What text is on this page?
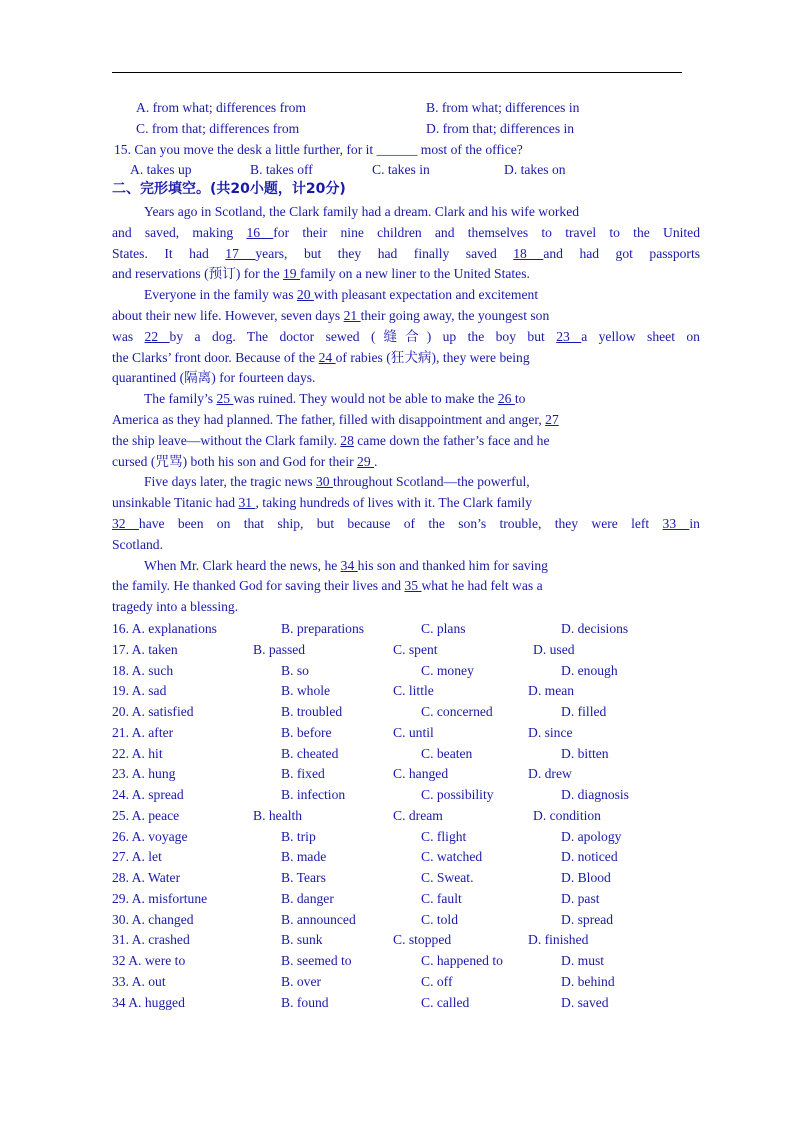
A. from what; differences from	B. from what; differences in
C. from that; differences from	D. from that; differences in
15. Can you move the desk a little further, for it ______ most of the office?
A. takes up	B. takes off	C. takes in	D. takes on
二、完形填空。(共20小题，计20分)
Years ago in Scotland, the Clark family had a dream. Clark and his wife worked
and saved, making 16 for their nine children and themselves to travel to the United
States. It had 17 years, but they had finally saved 18 and had got passports
and reservations (预订) for the 19 family on a new liner to the United States.
Everyone in the family was 20 with pleasant expectation and excitement
about their new life. However, seven days 21 their going away, the youngest son
was 22 by a dog. The doctor sewed (缝合) up the boy but 23 a yellow sheet on
the Clarks’ front door. Because of the 24 of rabies (狂犬病), they were being
quarantined (隔离) for fourteen days.
The family’s 25 was ruined. They would not be able to make the 26 to
America as they had planned. The father, filled with disappointment and anger, 27
the ship leave—without the Clark family. 28 came down the father’s face and he
cursed (咒骂) both his son and God for their 29 .
Five days later, the tragic news 30 throughout Scotland—the powerful,
unsinkable Titanic had 31 , taking hundreds of lives with it. The Clark family
32 have been on that ship, but because of the son’s trouble, they were left 33 in
Scotland.
When Mr. Clark heard the news, he 34 his son and thanked him for saving
the family. He thanked God for saving their lives and 35 what he had felt was a
tragedy into a blessing.
16. A. explanations	B. preparations	C. plans	D. decisions
17. A. taken	B. passed	C. spent	D. used
18. A. such	B. so	C. money	D. enough
19. A. sad	B. whole	C. little	D. mean
20. A. satisfied	B. troubled	C. concerned	D. filled
21. A. after	B. before	C. until	D. since
22. A. hit	B. cheated	C. beaten	D. bitten
23. A. hung	B. fixed	C. hanged	D. drew
24. A. spread	B. infection	C. possibility	D. diagnosis
25. A. peace	B. health	C. dream	D. condition
26. A. voyage	B. trip	C. flight	D. apology
27. A. let	B. made	C. watched	D. noticed
28. A. Water	B. Tears	C. Sweat.	D. Blood
29. A. misfortune	B. danger	C. fault	D. past
30. A. changed	B. announced	C. told	D. spread
31. A. crashed	B. sunk	C. stopped	D. finished
32 A. were to	B. seemed to	C. happened to	D. must
33. A. out	B. over	C. off	D. behind
34 A. hugged	B. found	C. called	D. saved
